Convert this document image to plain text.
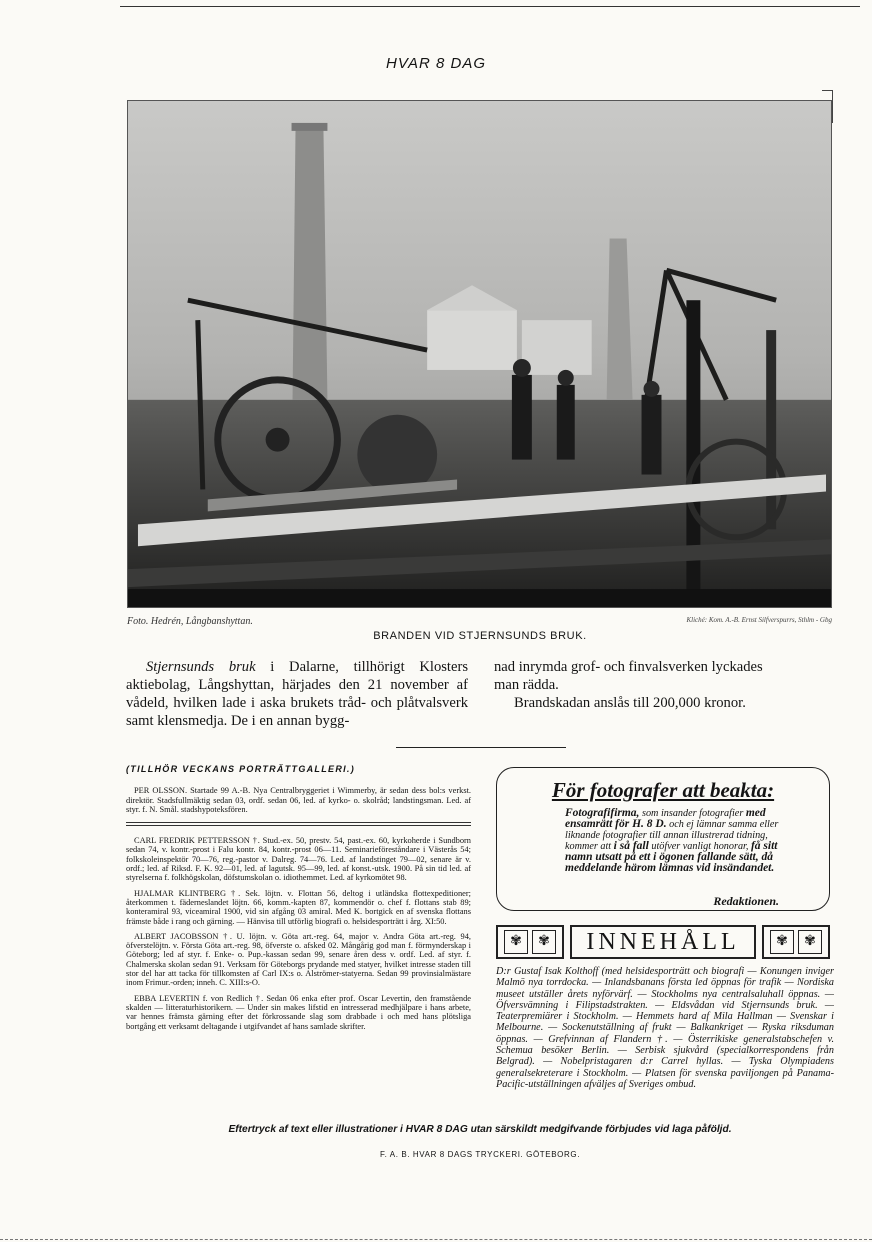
HVAR 8 DAG
Foto. Hedrén, Långbanshyttan.	Kliché: Kom. A.-B. Ernst Silfverspurrs, Sthlm - Gbg
BRANDEN VID STJERNSUNDS BRUK.

Stjernsunds bruk i Dalarne, tillhörigt Klosters aktiebolag, Långshyttan, härjades den 21 november af vådeld, hvilken lade i aska brukets tråd- och plåtvalsverk samt klensmedja. De i en annan bygg-

nad inrymda grof- och finvalsverken lyckades man rädda.

Brandskadan anslås till 200,000 kronor.

(TILLHÖR VECKANS PORTRÄTTGALLERI.)

PER OLSSON. Startade 99 A.-B. Nya Centralbryggeriet i Wimmerby, är sedan dess bol:s verkst. direktör. Stadsfullmäktig sedan 03, ordf. sedan 06, led. af kyrko- o. skolråd; landstingsman. Led. af styr. f. N. Smål. stadshypoteksfören.

CARL FREDRIK PETTERSSON †. Stud.-ex. 50, prestv. 54, past.-ex. 60, kyrkoherde i Sundborn sedan 74, v. kontr.-prost i Falu kontr. 84, kontr.-prost 06—11. Seminarieföreståndare i Västerås 54; folkskoleinspektör 70—76, reg.-pastor v. Dalreg. 74—76. Led. af landstinget 79—02, senare är v. ordf.; led. af Riksd. F. K. 92—01, led. af lagutsk. 95—99, led. af konst.-utsk. 1900. På sin tid led. af styrelserna f. folkhögskolan, döfstumskolan o. idiothemmet. Led. af kyrkomötet 98.

HJALMAR KLINTBERG †. Sek. löjtn. v. Flottan 56, deltog i utländska flottexpeditioner; återkommen t. fäderneslandet löjtn. 66, komm.-kapten 87, kommendör o. chef f. flottans stab 89; konteramiral 93, viceamiral 1900, vid sin afgång 03 amiral. Med K. bortgick en af svenska flottans främste både i rang och gärning. — Hänvisa till utförlig biografi o. helsidesporträtt i årg. XI:50.

ALBERT JACOBSSON †. U. löjtn. v. Göta art.-reg. 64, major v. Andra Göta art.-reg. 94, öfverstelöjtn. v. Första Göta art.-reg. 98, öfverste o. afsked 02. Mångårig god man f. förmynderskap i Göteborg; led af styr. f. Enke- o. Pup.-kassan sedan 99, senare åren dess v. ordf. Led. af styr. f. Chalmerska skolan sedan 91. Verksam för Göteborgs prydande med statyer, hvilket intresse staden till stor del har att tacka för tillkomsten af Carl IX:s o. Alströmer-statyerna. Sedan 99 provinsialmästare inom Frimur.-orden; inneh. C. XIII:s-O.

EBBA LEVERTIN f. von Redlich †. Sedan 06 enka efter prof. Oscar Levertin, den framstående skalden — litteraturhistorikern. — Under sin makes lifstid en intresserad medhjälpare i hans arbete, var hennes främsta gärning efter det förkrossande slag som drabbade i och med hans plötsliga bortgång ett verksamt deltagande i utgifvandet af hans samlade skrifter.

För fotografer att beakta:
Fotografifirma, som insander fotografier med ensamrätt för H. 8 D. och ej lämnar samma eller liknande fotografier till annan illustrerad tidning, kommer att i så fall utöfver vanligt honorar, få sitt namn utsatt på ett i ögonen fallande sätt, då meddelande härom lämnas vid insändandet.
Redaktionen.
✾	✾	INNEHÅLL	✾	✾
D:r Gustaf Isak Kolthoff (med helsidesporträtt och biografi — Konungen inviger Malmö nya torrdocka. — Inlandsbanans första led öppnas för trafik — Nordiska museet utställer årets nyförvärf. — Stockholms nya centralsaluhall öppnas. — Öfversvämning i Filipstadstrakten. — Eldsvådan vid Stjernsunds bruk. — Teaterpremiärer i Stockholm. — Hemmets hard af Mila Hallman — Svenskar i Melbourne. — Sockenutställning af frukt — Balkankriget — Ryska riksduman öppnas. — Grefvinnan af Flandern †. — Österrikiske generalstabschefen v. Schemua besöker Berlin. — Serbisk sjukvård (specialkorrespondens från Belgrad). — Nobelpristagaren d:r Carrel hyllas. — Tyska Olympiadens generalsekreterare i Stockholm. — Platsen för svenska paviljongen på Panama-Pacific-utställningen afväljes af Sveriges ombud.
Eftertryck af text eller illustrationer i HVAR 8 DAG utan särskildt medgifvande förbjudes vid laga påföljd.
F. A. B. HVAR 8 DAGS TRYCKERI. GÖTEBORG.
